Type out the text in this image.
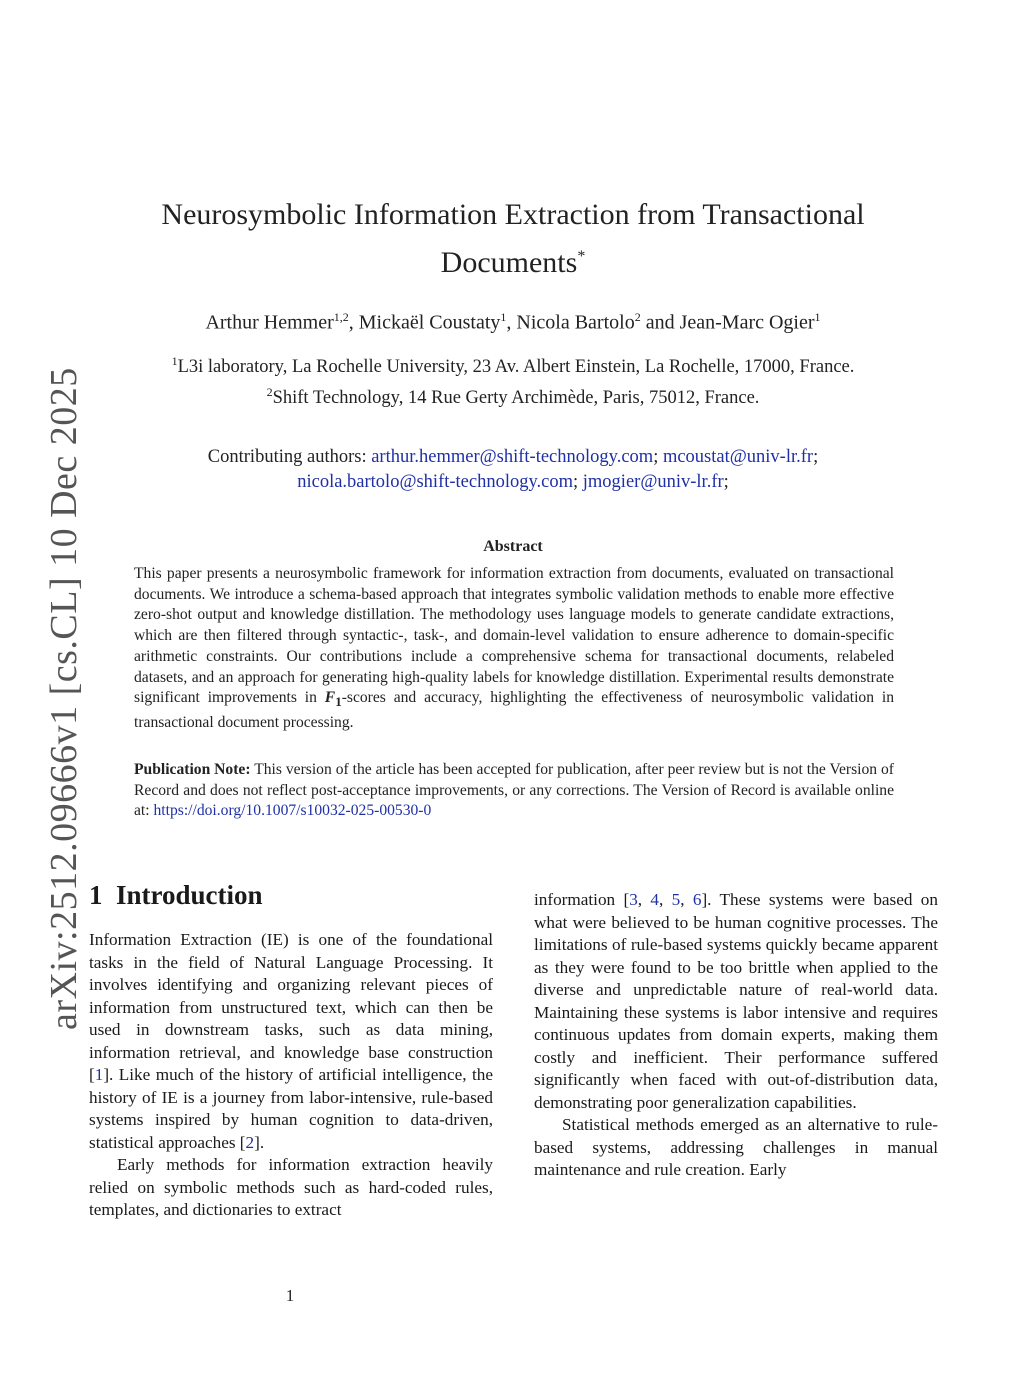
arXiv:2512.09666v1 [cs.CL] 10 Dec 2025
Neurosymbolic Information Extraction from Transactional Documents*
Arthur Hemmer$^{1,2}$, Mickaël Coustaty$^1$, Nicola Bartolo$^2$ and Jean-Marc Ogier$^1$
$^1$L3i laboratory, La Rochelle University, 23 Av. Albert Einstein, La Rochelle, 17000, France.
$^2$Shift Technology, 14 Rue Gerty Archimède, Paris, 75012, France.
Contributing authors: arthur.hemmer@shift-technology.com; mcoustat@univ-lr.fr;
nicola.bartolo@shift-technology.com; jmogier@univ-lr.fr;
Abstract

This paper presents a neurosymbolic framework for information extraction from documents, evaluated on transactional documents. We introduce a schema-based approach that integrates symbolic validation methods to enable more effective zero-shot output and knowledge distillation. The methodology uses language models to generate candidate extractions, which are then filtered through syntactic-, task-, and domain-level validation to ensure adherence to domain-specific arithmetic constraints. Our contributions include a comprehensive schema for transactional documents, relabeled datasets, and an approach for generating high-quality labels for knowledge distillation. Experimental results demonstrate significant improvements in $F_1$-scores and accuracy, highlighting the effectiveness of neurosymbolic validation in transactional document processing.

Publication Note: This version of the article has been accepted for publication, after peer review but is not the Version of Record and does not reflect post-acceptance improvements, or any corrections. The Version of Record is available online at: https://doi.org/10.1007/s10032-025-00530-0

1 Introduction

Information Extraction (IE) is one of the foundational tasks in the field of Natural Language Processing. It involves identifying and organizing relevant pieces of information from unstructured text, which can then be used in downstream tasks, such as data mining, information retrieval, and knowledge base construction [1]. Like much of the history of artificial intelligence, the history of IE is a journey from labor-intensive, rule-based systems inspired by human cognition to data-driven, statistical approaches [2].

Early methods for information extraction heavily relied on symbolic methods such as hard-coded rules, templates, and dictionaries to extract

information [3, 4, 5, 6]. These systems were based on what were believed to be human cognitive processes. The limitations of rule-based systems quickly became apparent as they were found to be too brittle when applied to the diverse and unpredictable nature of real-world data. Maintaining these systems is labor intensive and requires continuous updates from domain experts, making them costly and inefficient. Their performance suffered significantly when faced with out-of-distribution data, demonstrating poor generalization capabilities.

Statistical methods emerged as an alternative to rule-based systems, addressing challenges in manual maintenance and rule creation. Early

1
